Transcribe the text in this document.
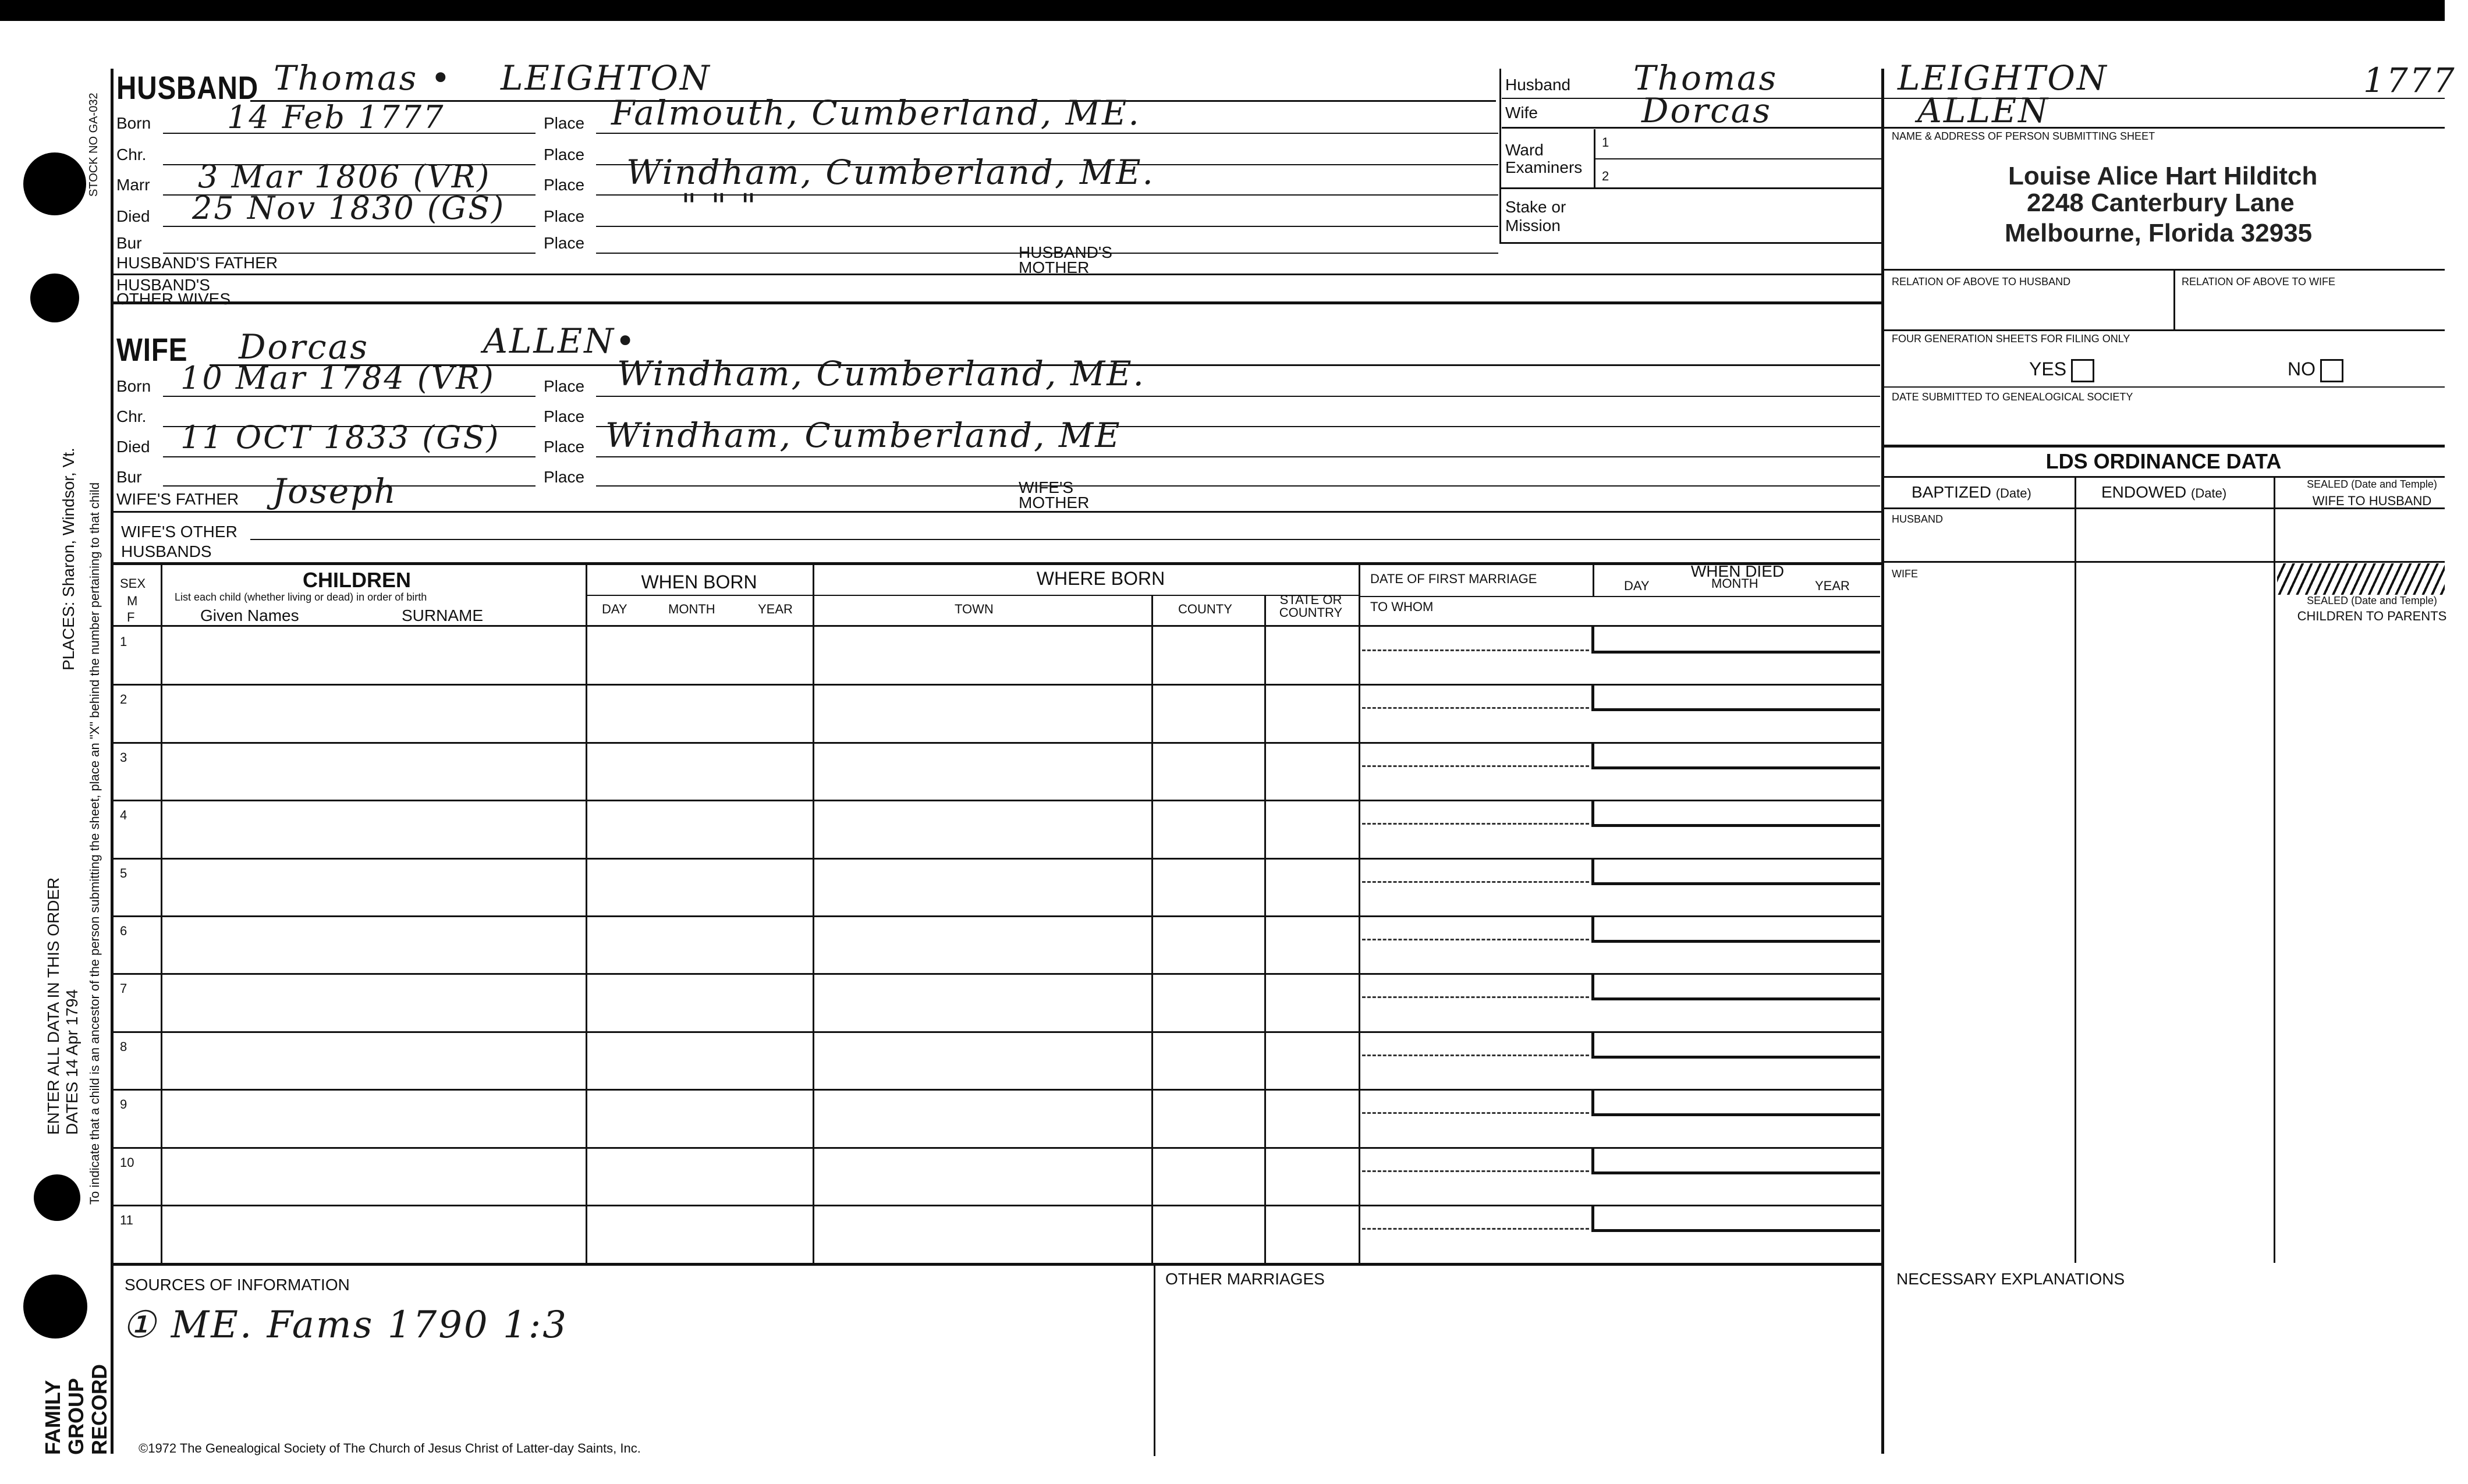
STOCK NO GA-032
PLACES: Sharon, Windsor, Vt. To indicate that a child is an ancestor of the person submitting the sheet, place an "X" behind the number pertaining to that child
ENTER ALL DATA IN THIS ORDER DATES 14 Apr 1794
FAMILY GROUP RECORD
HUSBAND Thomas • LEIGHTON
Born 14 Feb 1777	Place Falmouth, Cumberland, ME.
Chr.	Place
Marr 3 Mar 1806 (VR)	Place Windham, Cumberland, ME.
Died 25 Nov 1830 (GS) Place	" " "
Bur	Place
HUSBAND'S FATHER
HUSBAND'S
MOTHER
HUSBAND'S
OTHER WIVES
WIFE Dorcas	ALLEN•
Born 10 Mar 1784 (VR)	Place Windham, Cumberland, ME.
Chr.	Place
Died 11 OCT 1833 (GS)	Place Windham, Cumberland, ME
Bur	Place
WIFE'S FATHER Joseph	WIFE'S
MOTHER
WIFE'S OTHER
HUSBANDS
SEX
M
F
CHILDREN
List each child (whether living or dead) in order of birth
Given Names	SURNAME
WHEN BORN
DAY	MONTH	YEAR
WHERE BORN
TOWN	COUNTY
STATE OR
COUNTRY
DATE OF FIRST MARRIAGE
TO WHOM
WHEN DIED
DAY	MONTH	YEAR
1
2
3
4
5
6
7
8
9
10
11
SOURCES OF INFORMATION
① ME. Fams 1790 1:3
OTHER MARRIAGES
©1972 The Genealogical Society of The Church of Jesus Christ of Latter-day Saints, Inc.
Husband Thomas	LEIGHTON	1777
Wife	Dorcas	ALLEN
Ward
Examiners
1
2
Stake or
Mission
NAME & ADDRESS OF PERSON SUBMITTING SHEET
Louise Alice Hart Hilditch
2248 Canterbury Lane
Melbourne, Florida 32935
RELATION OF ABOVE TO HUSBAND	RELATION OF ABOVE TO WIFE
FOUR GENERATION SHEETS FOR FILING ONLY
YES	NO
DATE SUBMITTED TO GENEALOGICAL SOCIETY
LDS ORDINANCE DATA
BAPTIZED (Date)	ENDOWED (Date)
SEALED (Date and Temple)
WIFE TO HUSBAND
HUSBAND
WIFE
SEALED (Date and Temple)
CHILDREN TO PARENTS
NECESSARY EXPLANATIONS
